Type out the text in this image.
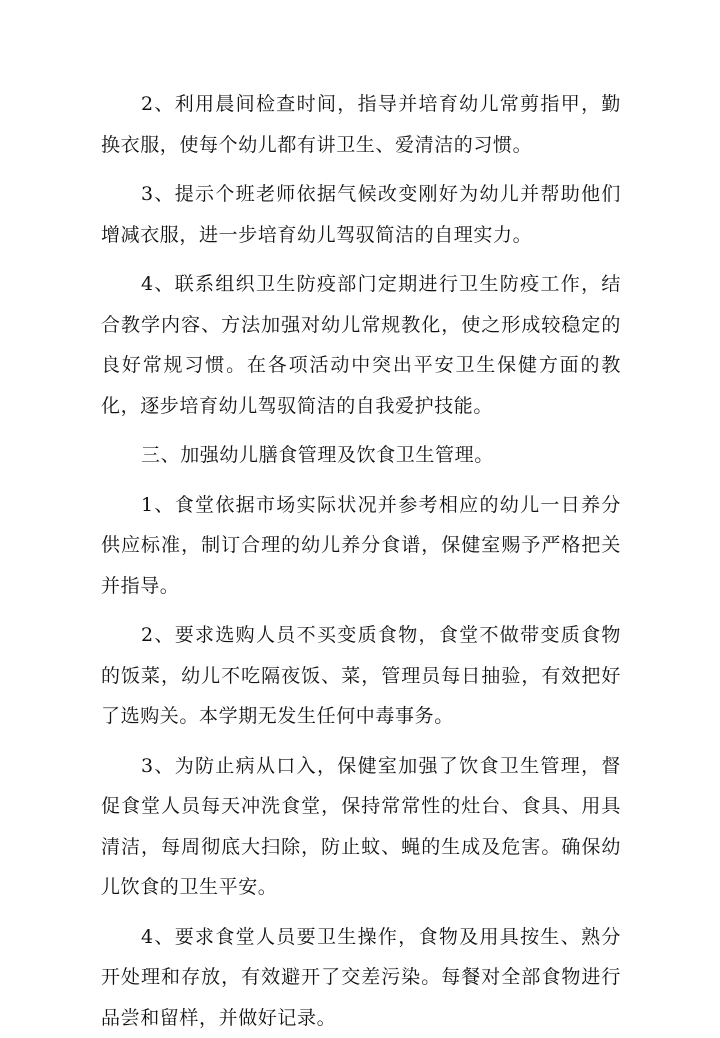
2、利用晨间检查时间，指导并培育幼儿常剪指甲，勤换衣服，使每个幼儿都有讲卫生、爱清洁的习惯。

3、提示个班老师依据气候改变刚好为幼儿并帮助他们增减衣服，进一步培育幼儿驾驭简洁的自理实力。

4、联系组织卫生防疫部门定期进行卫生防疫工作，结合教学内容、方法加强对幼儿常规教化，使之形成较稳定的良好常规习惯。在各项活动中突出平安卫生保健方面的教化，逐步培育幼儿驾驭简洁的自我爱护技能。

三、加强幼儿膳食管理及饮食卫生管理。

1、食堂依据市场实际状况并参考相应的幼儿一日养分供应标准，制订合理的幼儿养分食谱，保健室赐予严格把关并指导。

2、要求选购人员不买变质食物，食堂不做带变质食物的饭菜，幼儿不吃隔夜饭、菜，管理员每日抽验，有效把好了选购关。本学期无发生任何中毒事务。

3、为防止病从口入，保健室加强了饮食卫生管理，督促食堂人员每天冲洗食堂，保持常常性的灶台、食具、用具清洁，每周彻底大扫除，防止蚊、蝇的生成及危害。确保幼儿饮食的卫生平安。

4、要求食堂人员要卫生操作，食物及用具按生、熟分开处理和存放，有效避开了交差污染。每餐对全部食物进行品尝和留样，并做好记录。
